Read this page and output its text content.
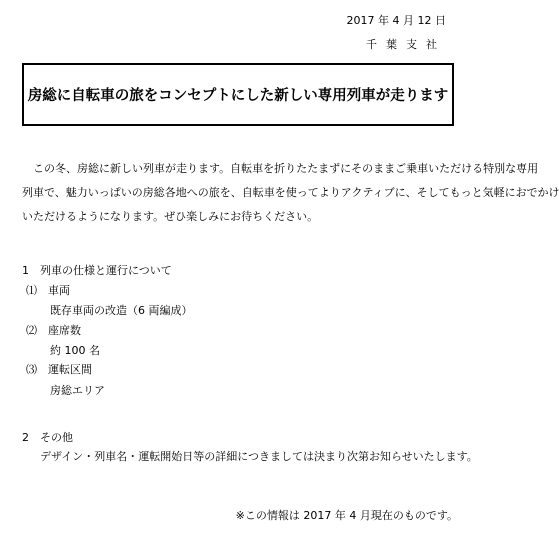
2017 年 4 月 12 日
千葉支社
房総に自転車の旅をコンセプトにした新しい専用列車が走ります
　この冬、房総に新しい列車が走ります。自転車を折りたたまずにそのままご乗車いただける特別な専用
列車で、魅力いっぱいの房総各地への旅を、自転車を使ってよりアクティブに、そしてもっと気軽におでかけ
いただけるようになります。ぜひ楽しみにお待ちください。
1　列車の仕様と運行について
⑴　車両
既存車両の改造（6 両編成）
⑵　座席数
約 100 名
⑶　運転区間
房総エリア
2　その他
デザイン・列車名・運転開始日等の詳細につきましては決まり次第お知らせいたします。
※この情報は 2017 年 4 月現在のものです。
